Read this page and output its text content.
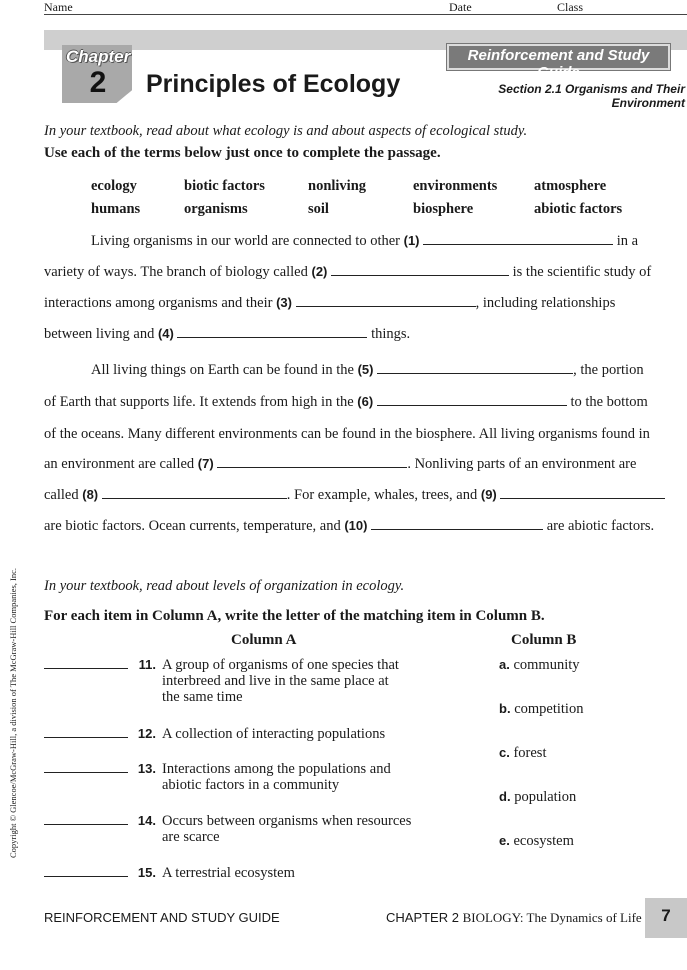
Name	Date	Class
Chapter
2	Principles of Ecology
Reinforcement and Study Guide
Section 2.1 Organisms and Their
Environment
In your textbook, read about what ecology is and about aspects of ecological study.
Use each of the terms below just once to complete the passage.
ecology	biotic factors	nonliving	environments	atmosphere
humans	organisms	soil	biosphere	abiotic factors
Living organisms in our world are connected to other (1)	in a
variety of ways. The branch of biology called (2)	is the scientific study of
interactions among organisms and their (3)	, including relationships
between living and (4)	things.
All living things on Earth can be found in the (5)	, the portion
of Earth that supports life. It extends from high in the (6)	to the bottom
of the oceans. Many different environments can be found in the biosphere. All living organisms found in
an environment are called (7)	. Nonliving parts of an environment are
called (8)	. For example, whales, trees, and (9)
are biotic factors. Ocean currents, temperature, and (10)	are abiotic factors.
In your textbook, read about levels of organization in ecology.
For each item in Column A, write the letter of the matching item in Column B.
Column A	Column B
11. A group of organisms of one species that
interbreed and live in the same place at
the same time
12. A collection of interacting populations
13. Interactions among the populations and
abiotic factors in a community
14. Occurs between organisms when resources
are scarce
15. A terrestrial ecosystem
a. community
b. competition
c. forest
d. population
e. ecosystem
Copyright © Glencoe/McGraw-Hill, a division of The McGraw-Hill Companies, Inc.
REINFORCEMENT AND STUDY GUIDE	CHAPTER 2 BIOLOGY: The Dynamics of Life	7
